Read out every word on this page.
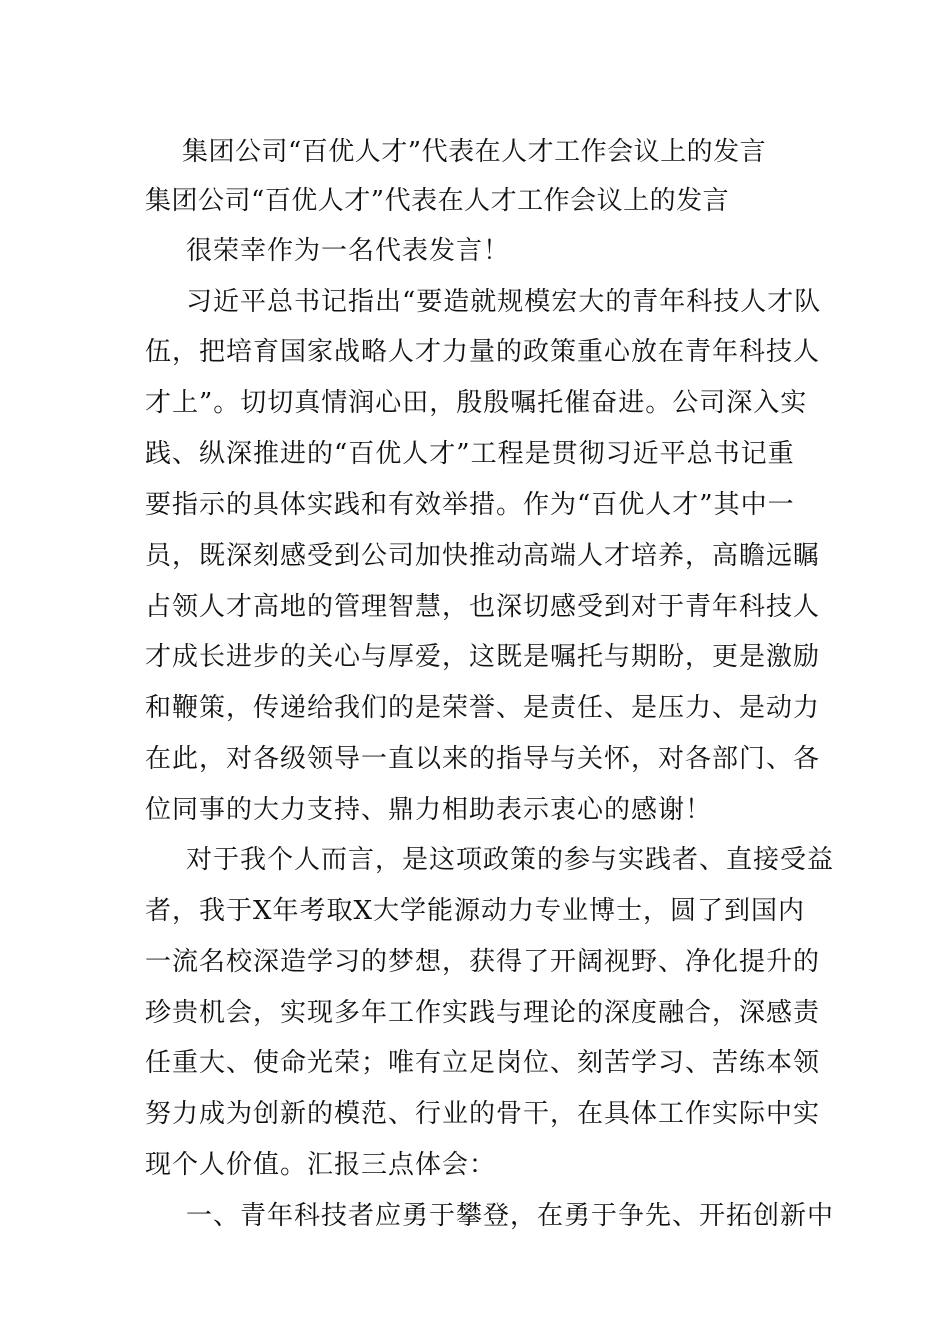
集团公司“百优人才”代表在人才工作会议上的发言
集团公司“百优人才”代表在人才工作会议上的发言
很荣幸作为一名代表发言！
习近平总书记指出“要造就规模宏大的青年科技人才队
伍，把培育国家战略人才力量的政策重心放在青年科技人
才上”。切切真情润心田，殷殷嘱托催奋进。公司深入实
践、纵深推进的“百优人才”工程是贯彻习近平总书记重
要指示的具体实践和有效举措。作为“百优人才”其中一
员，既深刻感受到公司加快推动高端人才培养，高瞻远瞩
占领人才高地的管理智慧，也深切感受到对于青年科技人
才成长进步的关心与厚爱，这既是嘱托与期盼，更是激励
和鞭策，传递给我们的是荣誉、是责任、是压力、是动力
在此，对各级领导一直以来的指导与关怀，对各部门、各
位同事的大力支持、鼎力相助表示衷心的感谢！
对于我个人而言，是这项政策的参与实践者、直接受益
者，我于X年考取X大学能源动力专业博士，圆了到国内
一流名校深造学习的梦想，获得了开阔视野、净化提升的
珍贵机会，实现多年工作实践与理论的深度融合，深感责
任重大、使命光荣；唯有立足岗位、刻苦学习、苦练本领
努力成为创新的模范、行业的骨干，在具体工作实际中实
现个人价值。汇报三点体会：
一、青年科技者应勇于攀登，在勇于争先、开拓创新中
